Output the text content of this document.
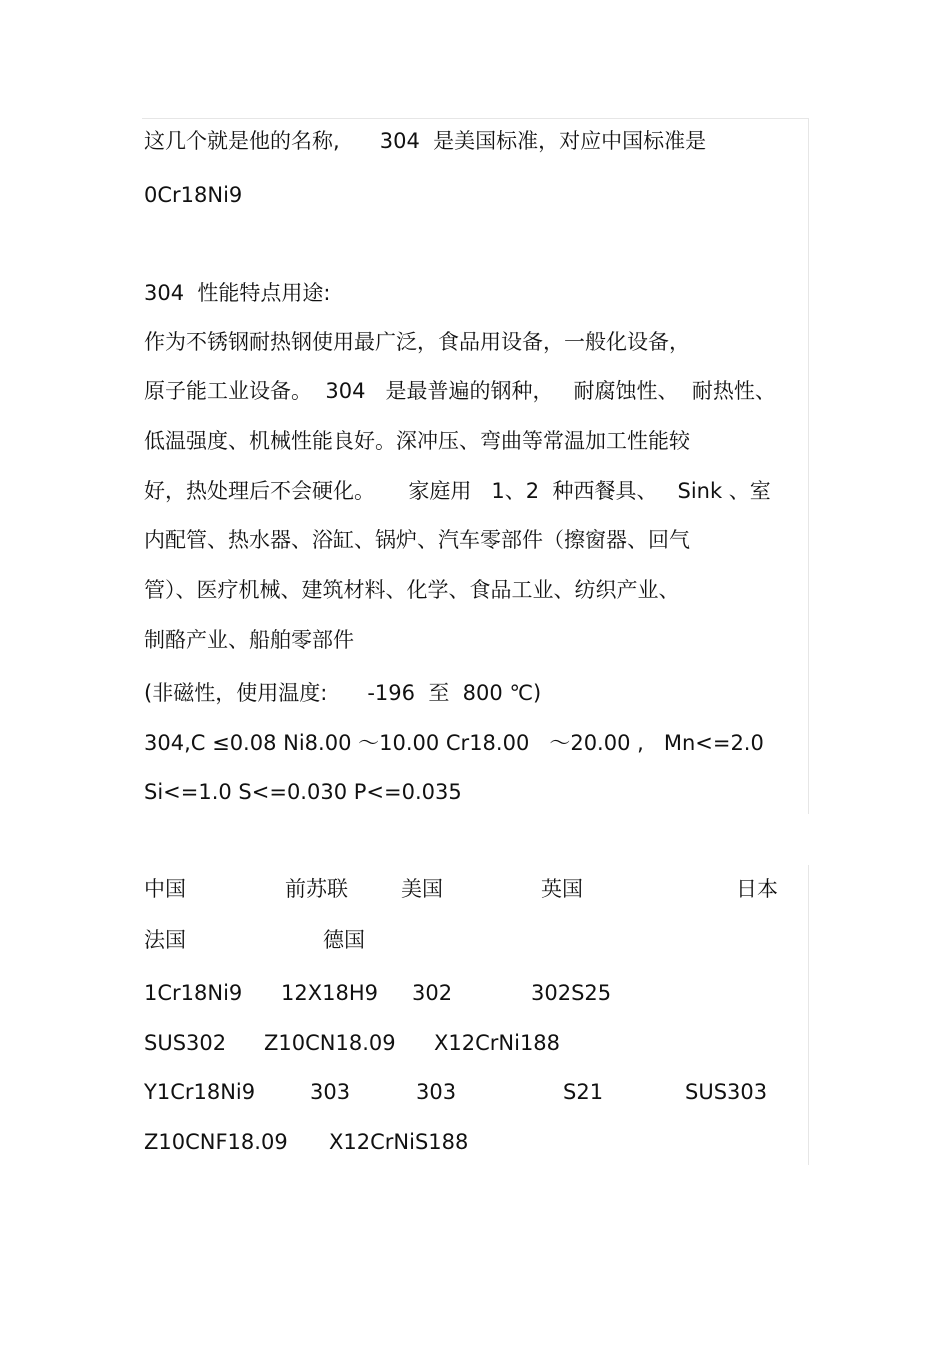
这几个就是他的名称,      304  是美国标准，对应中国标准是
0Cr18Ni9
304  性能特点用途:
作为不锈钢耐热钢使用最广泛，食品用设备，一般化设备，
原子能工业设备。  304   是最普遍的钢种，   耐腐蚀性、  耐热性、
低温强度、机械性能良好。深冲压、弯曲等常温加工性能较
好，热处理后不会硬化。     家庭用   1、2  种西餐具、   Sink 、室
内配管、热水器、浴缸、锅炉、汽车零部件（擦窗器、回气
管）、医疗机械、建筑材料、化学、食品工业、纺织产业、
制酪产业、船舶零部件
(非磁性，使用温度:      -196  至  800 ℃)
304,C ≤0.08 Ni8.00 ～10.00 Cr18.00   ～20.00 ,   Mn<=2.0
Si<=1.0 S<=0.030 P<=0.035
中国	前苏联	美国	英国	日本
法国	德国
1Cr18Ni9 12X18H9 302	302S25
SUS302 Z10CN18.09 X12CrNi188
Y1Cr18Ni9	303	303	S21	SUS303
Z10CNF18.09 X12CrNiS188
